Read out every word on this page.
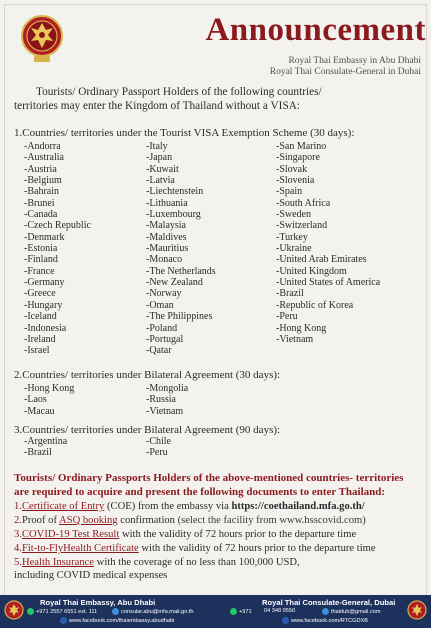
Announcement
Royal Thai Embassy in Abu Dhabi
Royal Thai Consulate-General in Dubai
Tourists/ Ordinary Passport Holders of the following countries/ territories may enter the Kingdom of Thailand without a VISA:
1.Countries/ territories under the Tourist VISA Exemption Scheme (30 days):
-Andorra
-Australia
-Austria
-Belgium
-Bahrain
-Brunei
-Canada
-Czech Republic
-Denmark
-Estonia
-Finland
-France
-Germany
-Greece
-Hungary
-Iceland
-Indonesia
-Ireland
-Israel
-Italy
-Japan
-Kuwait
-Latvia
-Liechtenstein
-Lithuania
-Luxembourg
-Malaysia
-Maldives
-Mauritius
-Monaco
-The Netherlands
-New Zealand
-Norway
-Oman
-The Philippines
-Poland
-Portugal
-Qatar
-San Marino
-Singapore
-Slovak
-Slovenia
-Spain
-South Africa
-Sweden
-Switzerland
-Turkey
-Ukraine
-United Arab Emirates
-United Kingdom
-United States of America
-Brazil
-Republic of Korea
-Peru
-Hong Kong
-Vietnam
2.Countries/ territories under Bilateral Agreement (30 days):
-Hong Kong
-Laos
-Macau
-Mongolia
-Russia
-Vietnam
3.Countries/ territories under Bilateral Agreement (90 days):
-Argentina
-Brazil
-Chile
-Peru
Tourists/ Ordinary Passports Holders of the above-mentioned countries- territories are required to acquire and present the following documents to enter Thailand:
1.Certificate of Entry (COE) from the embassy via https://coethailand.mfa.go.th/
2.Proof of ASQ booking confirmation (select the facility from www.hsscovid.com)
3.COVID-19 Test Result with the validity of 72 hours prior to the departure time
4.Fit-to-FlyHealth Certificate with the validity of 72 hours prior to the departure time
5.Health Insurance with the coverage of no less than 100,000 USD,
including COVID medical expenses
Royal Thai Embassy, Abu Dhabi
+971 2557 6551 ext. 111	consular.abu@mfa.mail.go.th
www.facebook.com/thaiembassy.abudhabi
Royal Thai Consulate-General, Dubai
+971 04 348 9550	thaidub@gmail.com
www.facebook.com/RTCGDXB
